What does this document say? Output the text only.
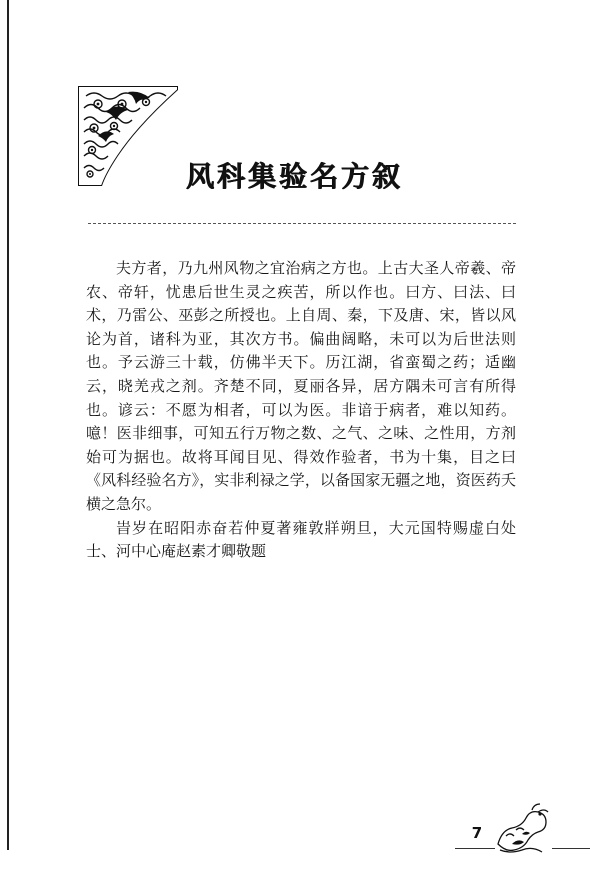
风科集验名方叙

夫方者，乃九州风物之宜治病之方也。上古大圣人帝羲、帝农、帝轩，忧患后世生灵之疾苦，所以作也。曰方、曰法、曰术，乃雷公、巫彭之所授也。上自周、秦，下及唐、宋，皆以风论为首，诸科为亚，其次方书。偏曲阔略，未可以为后世法则也。予云游三十载，仿佛半天下。历江湖，省蛮蜀之药；适幽云，晓羌戎之剂。齐楚不同，夏丽各异，居方隅未可言有所得也。谚云：不愿为相者，可以为医。非谙于病者，难以知药。噫！医非细事，可知五行万物之数、之气、之味、之性用，方剂始可为据也。故将耳闻目见、得效作验者，书为十集，目之曰《风科经验名方》，实非利禄之学，以备国家无疆之地，资医药夭横之急尔。

旹岁在昭阳赤奋若仲夏著雍敦牂朔旦，大元国特赐虚白处士、河中心庵赵素才卿敬题

7
